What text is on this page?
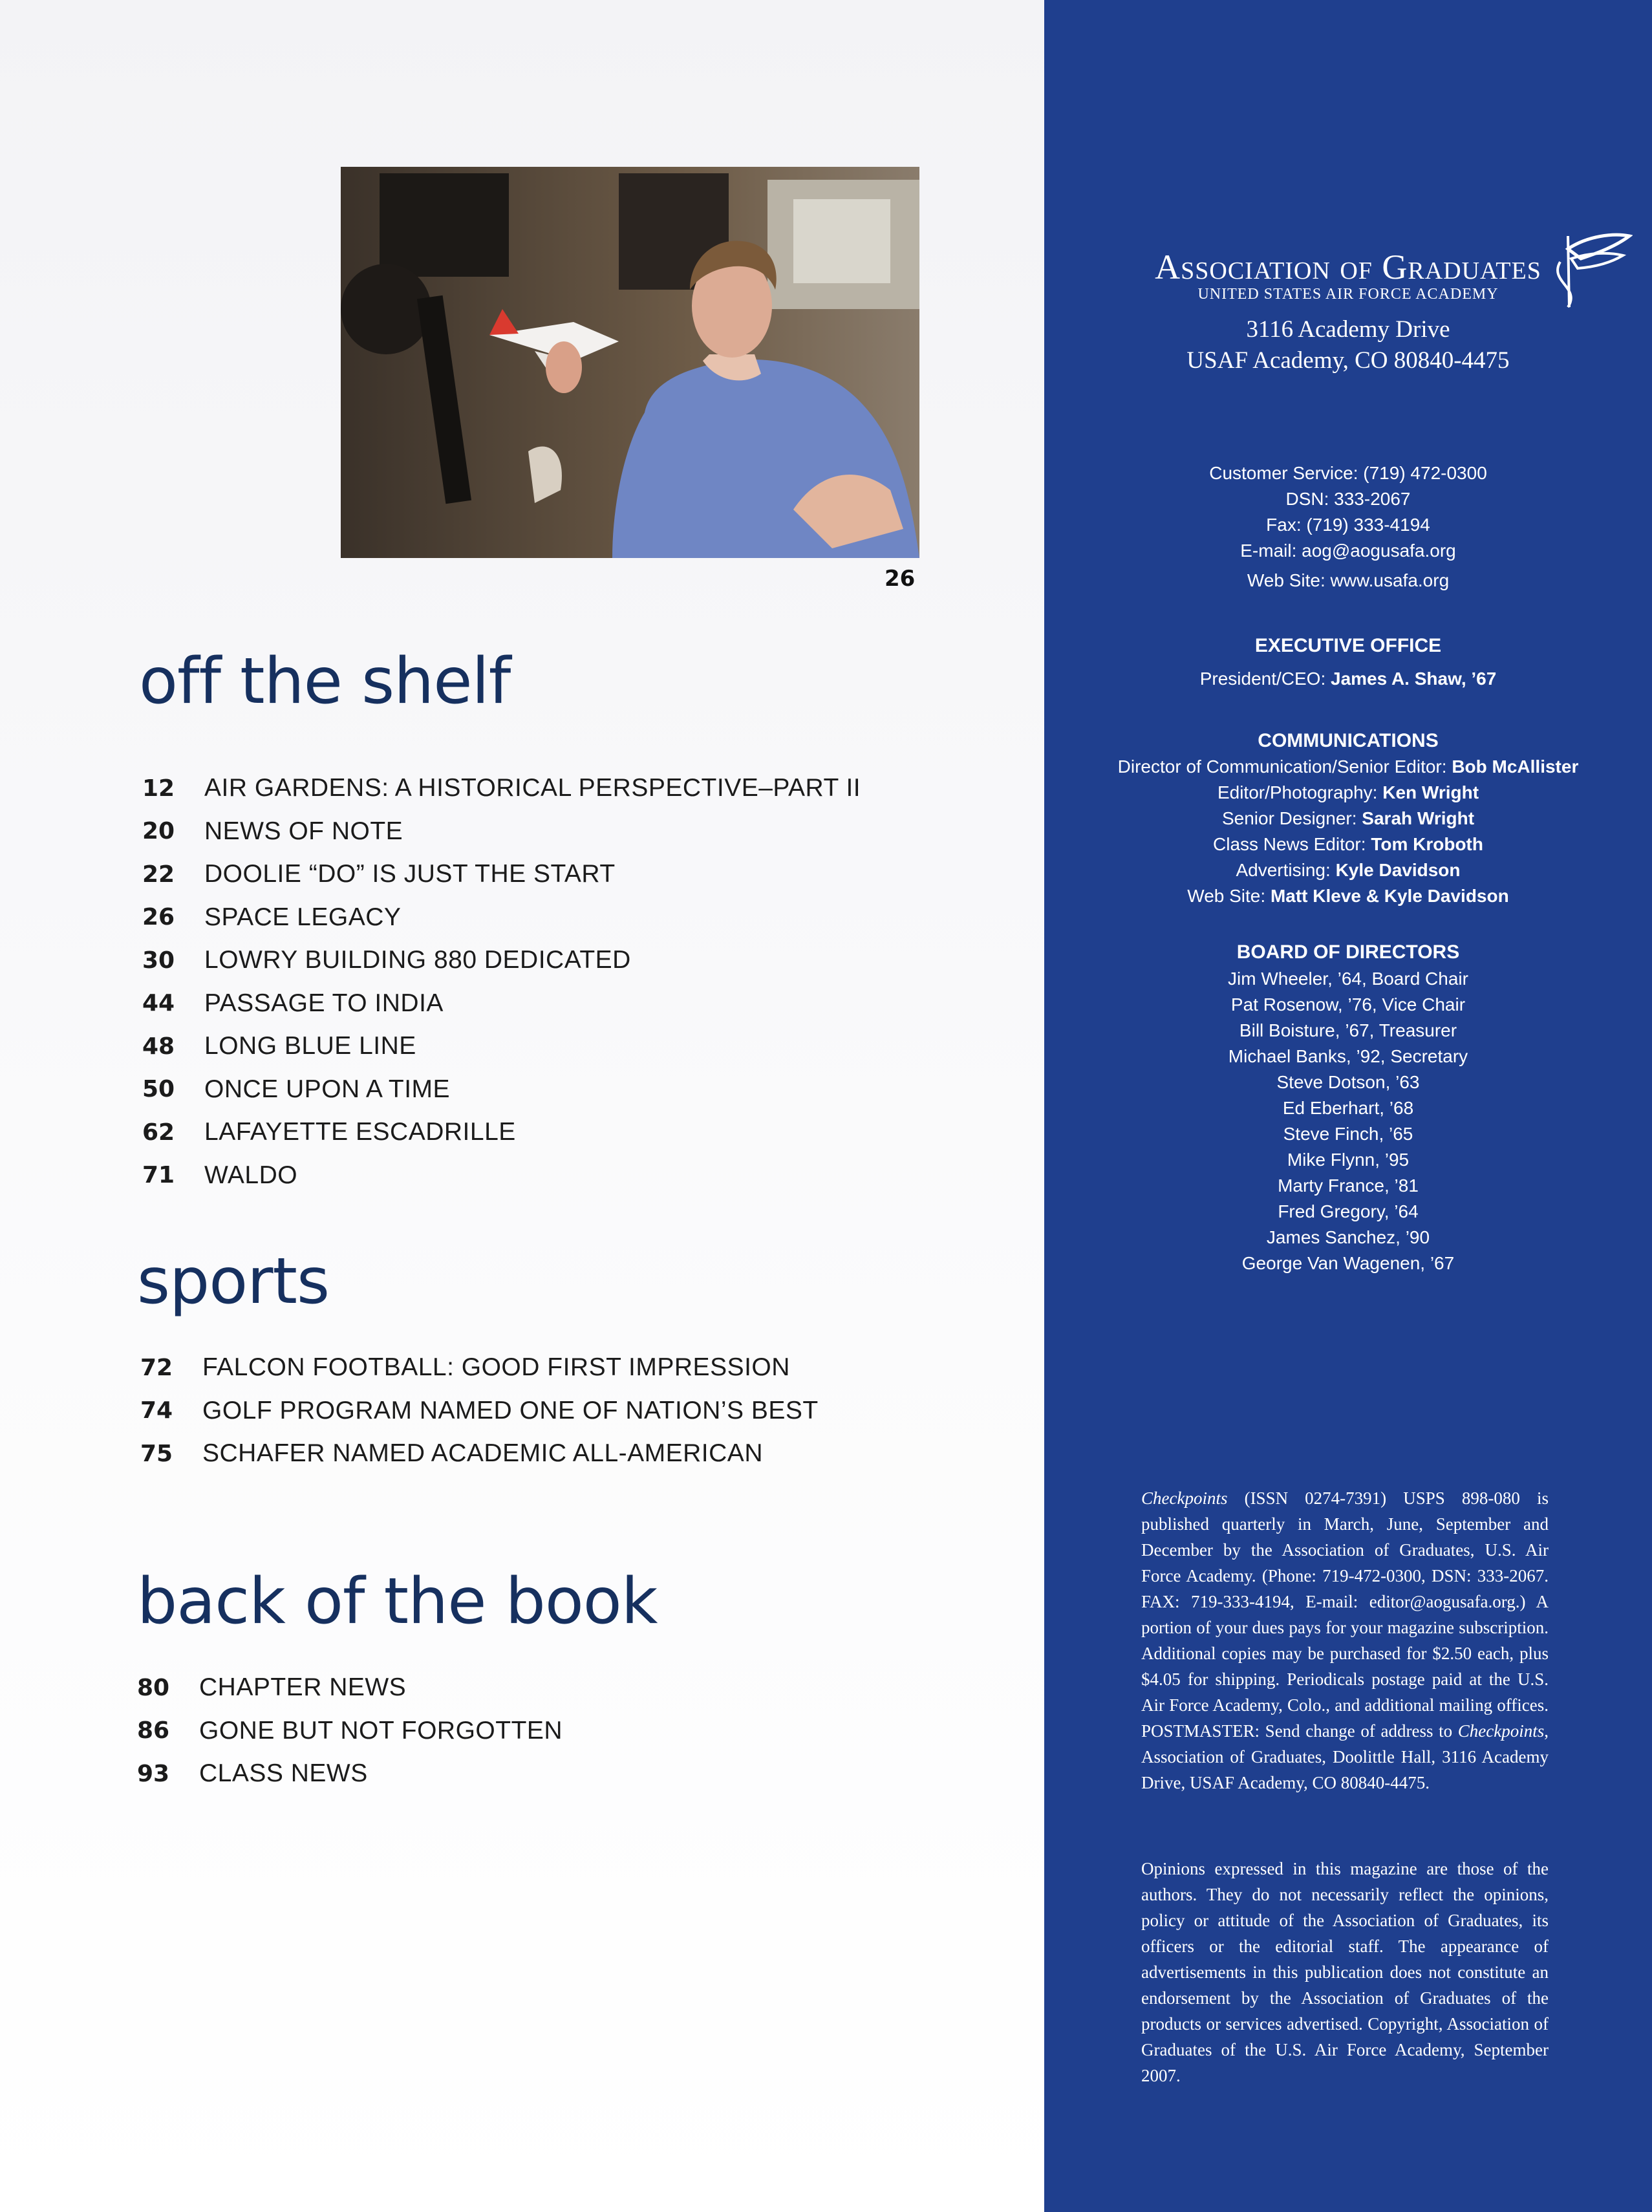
26
off the shelf
12	AIR GARDENS: A HISTORICAL PERSPECTIVE–PART II
20	NEWS OF NOTE
22	DOOLIE “DO” IS JUST THE START
26	SPACE LEGACY
30	LOWRY BUILDING 880 DEDICATED
44	PASSAGE TO INDIA
48	LONG BLUE LINE
50	ONCE UPON A TIME
62	LAFAYETTE ESCADRILLE
71	WALDO
sports
72	FALCON FOOTBALL: GOOD FIRST IMPRESSION
74	GOLF PROGRAM NAMED ONE OF NATION’S BEST
75	SCHAFER NAMED ACADEMIC ALL-AMERICAN
back of the book
80	CHAPTER NEWS
86	GONE BUT NOT FORGOTTEN
93	CLASS NEWS
Association of Graduates
UNITED STATES AIR FORCE ACADEMY
3116 Academy Drive
USAF Academy, CO 80840-4475
Customer Service: (719) 472-0300
DSN: 333-2067
Fax: (719) 333-4194
E-mail: aog@aogusafa.org
Web Site: www.usafa.org
EXECUTIVE OFFICE
President/CEO: James A. Shaw, ’67
COMMUNICATIONS
Director of Communication/Senior Editor: Bob McAllister
Editor/Photography: Ken Wright
Senior Designer: Sarah Wright
Class News Editor: Tom Kroboth
Advertising: Kyle Davidson
Web Site: Matt Kleve & Kyle Davidson
BOARD OF DIRECTORS
Jim Wheeler, ’64, Board Chair
Pat Rosenow, ’76, Vice Chair
Bill Boisture, ’67, Treasurer
Michael Banks, ’92, Secretary
Steve Dotson, ’63
Ed Eberhart, ’68
Steve Finch, ’65
Mike Flynn, ’95
Marty France, ’81
Fred Gregory, ’64
James Sanchez, ’90
George Van Wagenen, ’67
Checkpoints (ISSN 0274-7391) USPS 898-080 is published quarterly in March, June, September and December by the Association of Graduates, U.S. Air Force Academy. (Phone: 719-472-0300, DSN: 333-2067. FAX: 719-333-4194, E-mail: editor@aogusafa.org.) A portion of your dues pays for your magazine subscription. Additional copies may be purchased for $2.50 each, plus $4.05 for shipping. Periodicals postage paid at the U.S. Air Force Academy, Colo., and additional mailing offices. POSTMASTER: Send change of address to Checkpoints, Association of Graduates, Doolittle Hall, 3116 Academy Drive, USAF Academy, CO 80840-4475.
Opinions expressed in this magazine are those of the authors. They do not necessarily reflect the opinions, policy or attitude of the Association of Graduates, its officers or the editorial staff. The appearance of advertisements in this publication does not constitute an endorsement by the Association of Graduates of the products or services advertised. Copyright, Association of Graduates of the U.S. Air Force Academy, September 2007.
